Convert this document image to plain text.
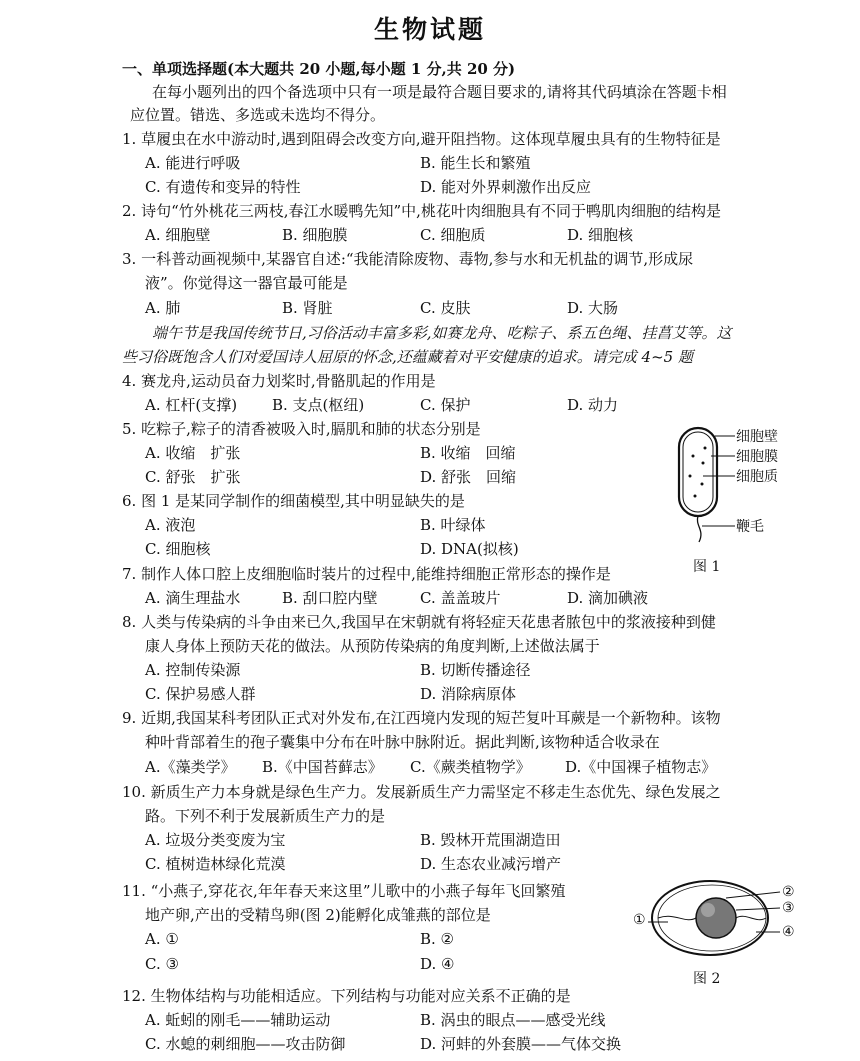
生物试题
一、单项选择题(本大题共 20 小题,每小题 1 分,共 20 分)
在每小题列出的四个备选项中只有一项是最符合题目要求的,请将其代码填涂在答题卡相
应位置。错选、多选或未选均不得分。
1. 草履虫在水中游动时,遇到阻碍会改变方向,避开阻挡物。这体现草履虫具有的生物特征是
A. 能进行呼吸	B. 能生长和繁殖
C. 有遗传和变异的特性	D. 能对外界刺激作出反应
2. 诗句“竹外桃花三两枝,春江水暖鸭先知”中,桃花叶肉细胞具有不同于鸭肌肉细胞的结构是
A. 细胞壁	B. 细胞膜	C. 细胞质	D. 细胞核
3. 一科普动画视频中,某器官自述:“我能清除废物、毒物,参与水和无机盐的调节,形成尿
液”。你觉得这一器官最可能是
A. 肺	B. 肾脏	C. 皮肤	D. 大肠
端午节是我国传统节日,习俗活动丰富多彩,如赛龙舟、吃粽子、系五色绳、挂菖艾等。这
些习俗既饱含人们对爱国诗人屈原的怀念,还蕴藏着对平安健康的追求。请完成 4~5 题
4. 赛龙舟,运动员奋力划桨时,骨骼肌起的作用是
A. 杠杆(支撑) B. 支点(枢纽)	C. 保护	D. 动力
5. 吃粽子,粽子的清香被吸入时,膈肌和肺的状态分别是
A. 收缩　扩张	B. 收缩　回缩
C. 舒张　扩张	D. 舒张　回缩
6. 图 1 是某同学制作的细菌模型,其中明显缺失的是
A. 液泡	B. 叶绿体
C. 细胞核	D. DNA(拟核)
细胞壁
细胞膜
细胞质
鞭毛
图 1
7. 制作人体口腔上皮细胞临时装片的过程中,能维持细胞正常形态的操作是
A. 滴生理盐水	B. 刮口腔内壁	C. 盖盖玻片	D. 滴加碘液
8. 人类与传染病的斗争由来已久,我国早在宋朝就有将轻症天花患者脓包中的浆液接种到健
康人身体上预防天花的做法。从预防传染病的角度判断,上述做法属于
A. 控制传染源	B. 切断传播途径
C. 保护易感人群	D. 消除病原体
9. 近期,我国某科考团队正式对外发布,在江西境内发现的短芒复叶耳蕨是一个新物种。该物
种叶背部着生的孢子囊集中分布在叶脉中脉附近。据此判断,该物种适合收录在
A.《藻类学》 B.《中国苔藓志》 C.《蕨类植物学》 D.《中国裸子植物志》
10. 新质生产力本身就是绿色生产力。发展新质生产力需坚定不移走生态优先、绿色发展之
路。下列不利于发展新质生产力的是
A. 垃圾分类变废为宝	B. 毁林开荒围湖造田
C. 植树造林绿化荒漠	D. 生态农业减污增产
11. “小燕子,穿花衣,年年春天来这里”儿歌中的小燕子每年飞回繁殖
地产卵,产出的受精鸟卵(图 2)能孵化成雏燕的部位是
A. ①	B. ②
C. ③	D. ④
①
②
③
④
图 2
12. 生物体结构与功能相适应。下列结构与功能对应关系不正确的是
A. 蚯蚓的刚毛——辅助运动	B. 涡虫的眼点——感受光线
C. 水螅的刺细胞——攻击防御	D. 河蚌的外套膜——气体交换
